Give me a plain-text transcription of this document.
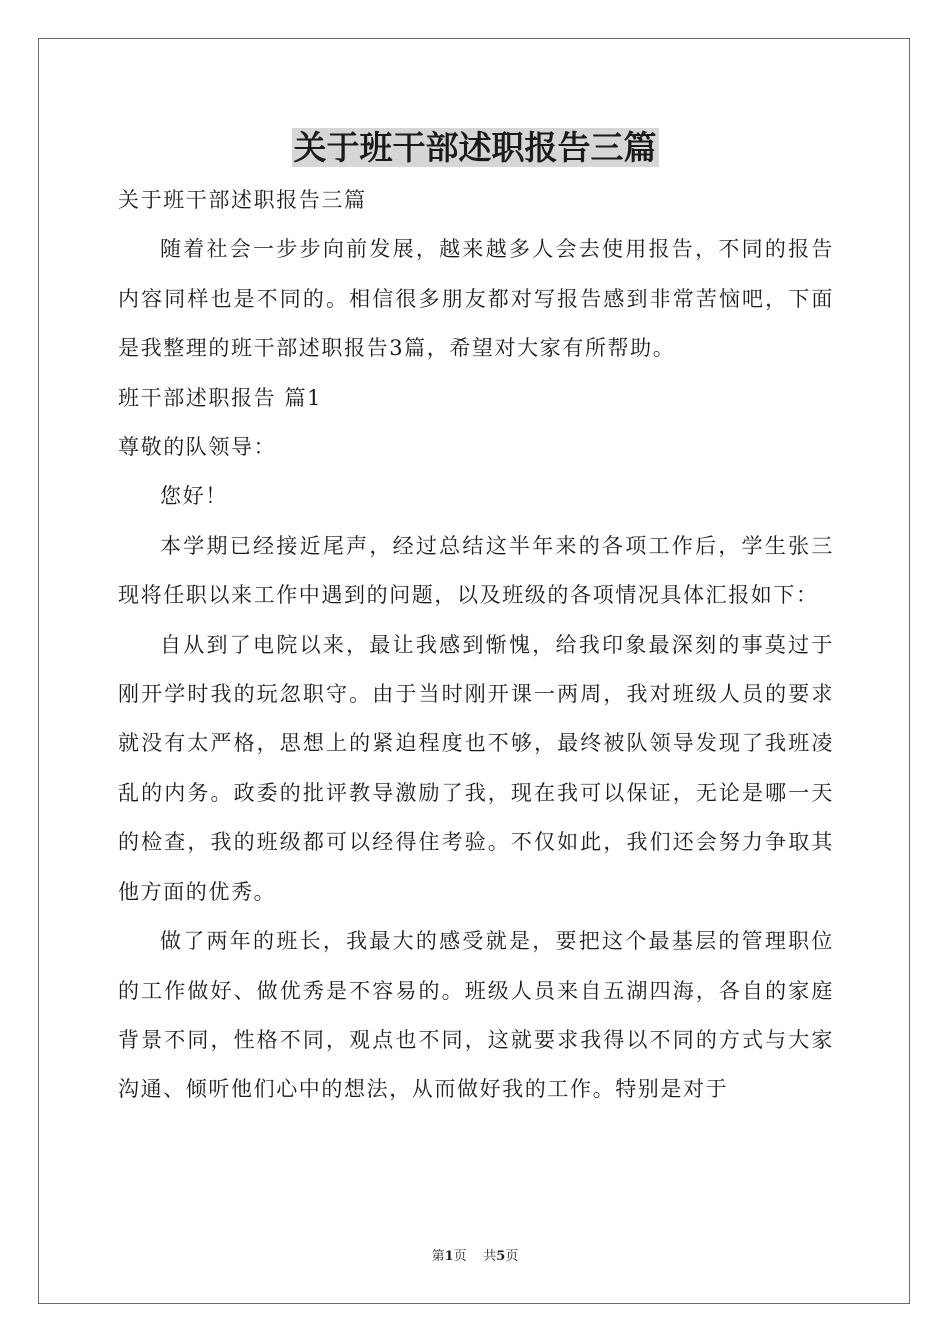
关于班干部述职报告三篇

关于班干部述职报告三篇

随着社会一步步向前发展，越来越多人会去使用报告，不同的报告内容同样也是不同的。相信很多朋友都对写报告感到非常苦恼吧，下面是我整理的班干部述职报告3篇，希望对大家有所帮助。

班干部述职报告 篇1

尊敬的队领导：

您好！

本学期已经接近尾声，经过总结这半年来的各项工作后，学生张三现将任职以来工作中遇到的问题，以及班级的各项情况具体汇报如下：

自从到了电院以来，最让我感到惭愧，给我印象最深刻的事莫过于刚开学时我的玩忽职守。由于当时刚开课一两周，我对班级人员的要求就没有太严格，思想上的紧迫程度也不够，最终被队领导发现了我班凌乱的内务。政委的批评教导激励了我，现在我可以保证，无论是哪一天的检查，我的班级都可以经得住考验。不仅如此，我们还会努力争取其他方面的优秀。

做了两年的班长，我最大的感受就是，要把这个最基层的管理职位的工作做好、做优秀是不容易的。班级人员来自五湖四海，各自的家庭背景不同，性格不同，观点也不同，这就要求我得以不同的方式与大家沟通、倾听他们心中的想法，从而做好我的工作。特别是对于

第1页 共5页
